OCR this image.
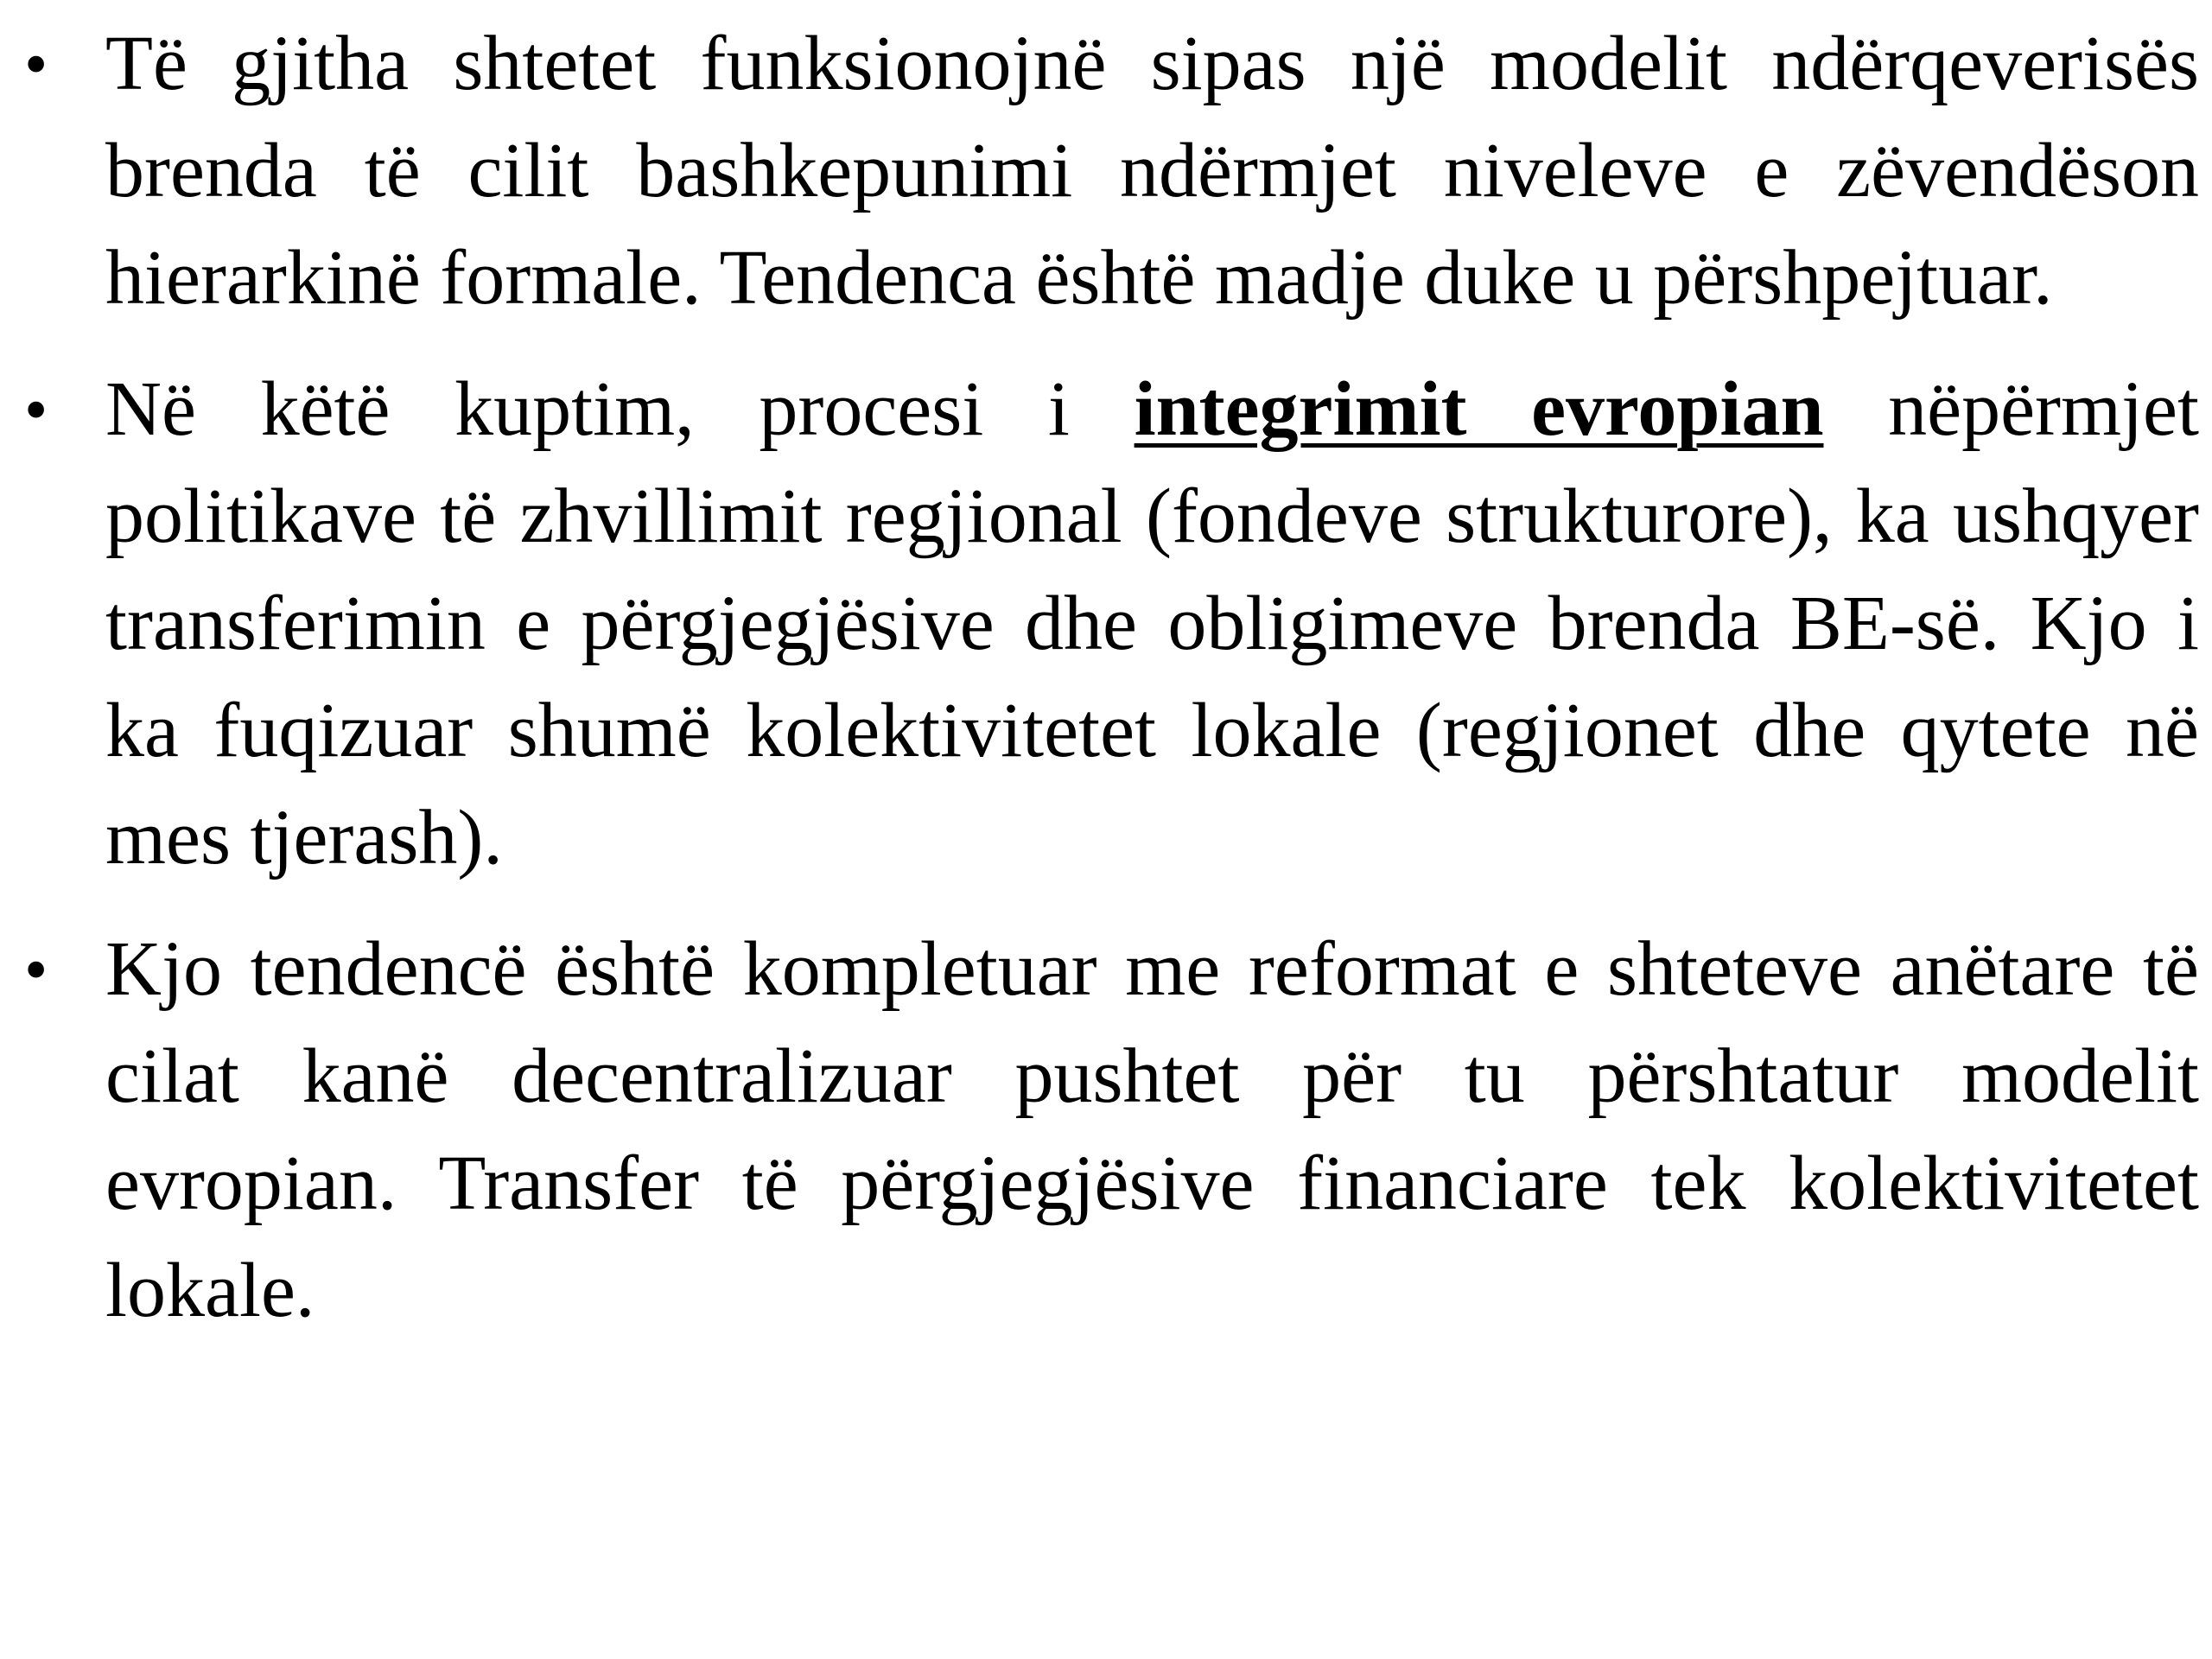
• Të gjitha shtetet funksionojnë sipas një modelit ndërqeverisës brenda të cilit bashkepunimi ndërmjet niveleve e zëvendëson hierarkinë formale. Tendenca është madje duke u përshpejtuar.
• Në këtë kuptim, procesi i integrimit evropian nëpërmjet politikave të zhvillimit regjional (fondeve strukturore), ka ushqyer transferimin e përgjegjësive dhe obligimeve brenda BE-së. Kjo i ka fuqizuar shumë kolektivitetet lokale (regjionet dhe qytete në mes tjerash).
• Kjo tendencë është kompletuar me reformat e shteteve anëtare të cilat kanë decentralizuar pushtet për tu përshtatur modelit evropian. Transfer të përgjegjësive financiare tek kolektivitetet lokale.
